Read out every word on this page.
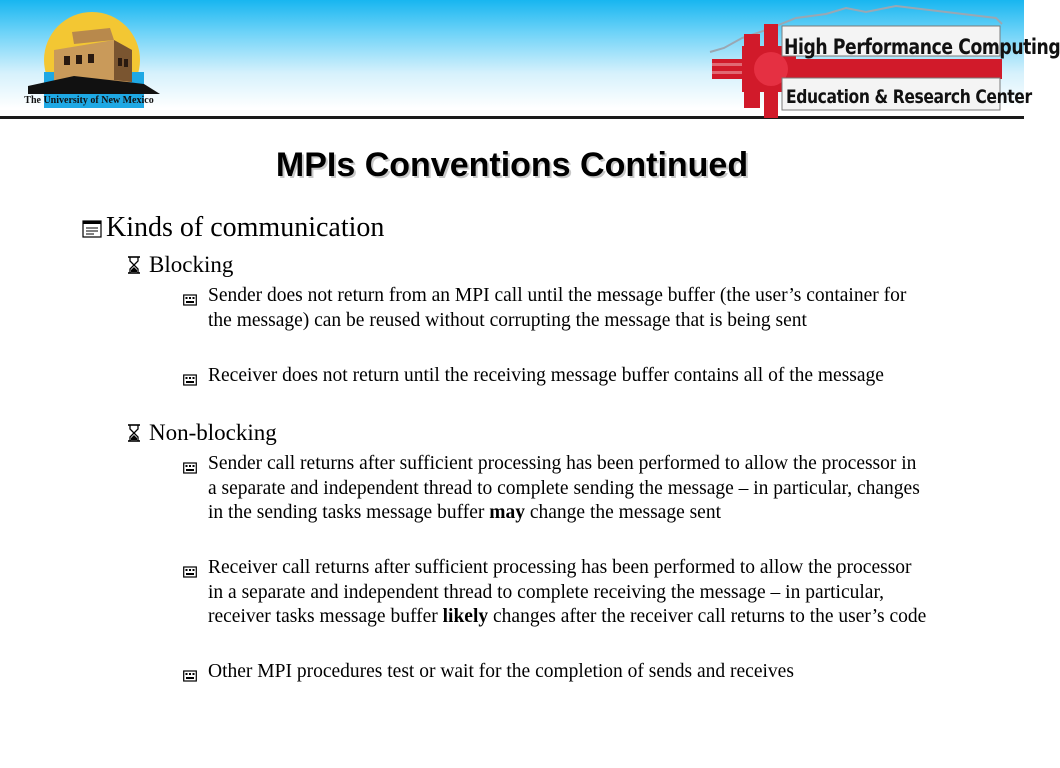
The University of New Mexico
High Performance Computing
Education & Research Center
MPIs Conventions Continued
Kinds of communication
Blocking
Sender does not return from an MPI call until the message buffer (the user’s container for the message) can be reused without corrupting the message that is being sent
Receiver does not return until the receiving message buffer contains all of the message
Non-blocking
Sender call returns after sufficient processing has been performed to allow the processor in a separate and independent thread to complete sending the message – in particular, changes in the sending tasks message buffer may change the message sent
Receiver call returns after sufficient processing has been performed to allow the processor in a separate and independent thread to complete receiving the message – in particular, receiver tasks message buffer likely changes after the receiver call returns to the user’s code
Other MPI procedures test or wait for the completion of sends and receives
